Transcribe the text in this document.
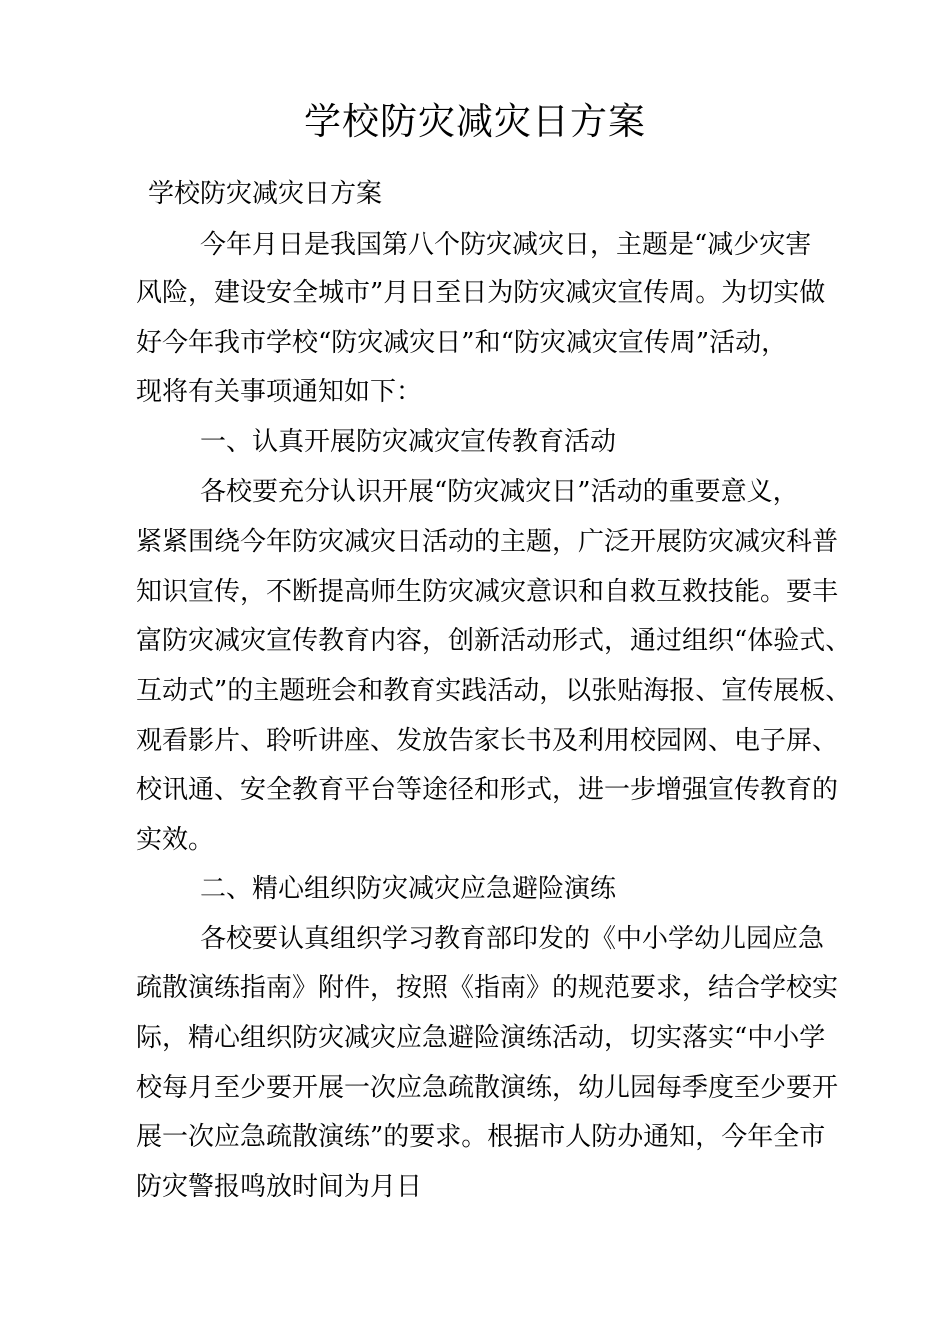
学校防灾减灾日方案
学校防灾减灾日方案
今年月日是我国第八个防灾减灾日，主题是“减少灾害
风险，建设安全城市”月日至日为防灾减灾宣传周。为切实做
好今年我市学校“防灾减灾日”和“防灾减灾宣传周”活动，
现将有关事项通知如下：
一、认真开展防灾减灾宣传教育活动
各校要充分认识开展“防灾减灾日”活动的重要意义，
紧紧围绕今年防灾减灾日活动的主题，广泛开展防灾减灾科普
知识宣传，不断提高师生防灾减灾意识和自救互救技能。要丰
富防灾减灾宣传教育内容，创新活动形式，通过组织“体验式、
互动式”的主题班会和教育实践活动，以张贴海报、宣传展板、
观看影片、聆听讲座、发放告家长书及利用校园网、电子屏、
校讯通、安全教育平台等途径和形式，进一步增强宣传教育的
实效。
二、精心组织防灾减灾应急避险演练
各校要认真组织学习教育部印发的《中小学幼儿园应急
疏散演练指南》附件，按照《指南》的规范要求，结合学校实
际，精心组织防灾减灾应急避险演练活动，切实落实“中小学
校每月至少要开展一次应急疏散演练，幼儿园每季度至少要开
展一次应急疏散演练”的要求。根据市人防办通知，今年全市
防灾警报鸣放时间为月日
